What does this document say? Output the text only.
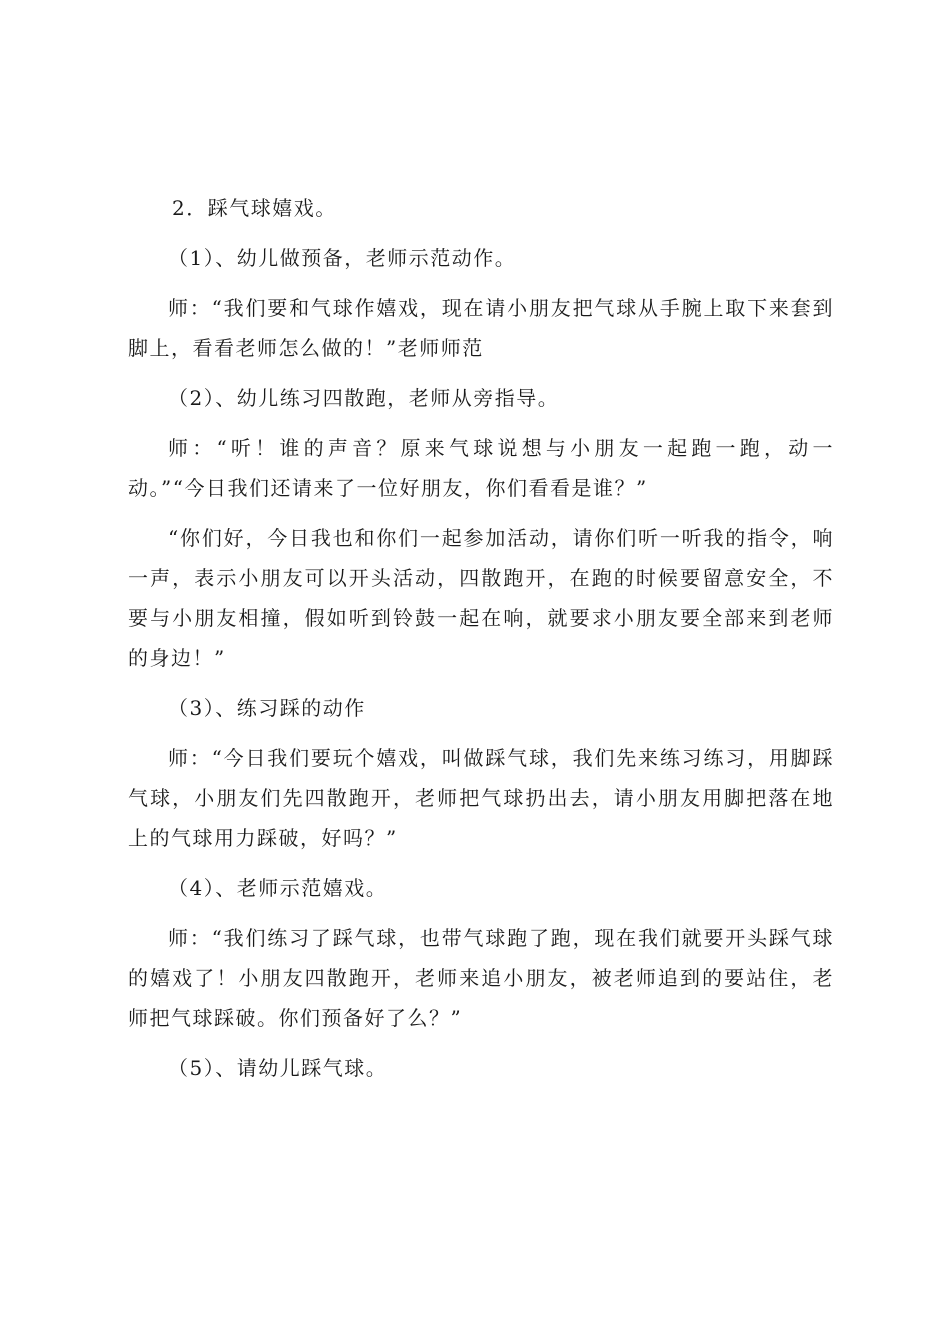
2．踩气球嬉戏。

（1）、幼儿做预备，老师示范动作。

师：“我们要和气球作嬉戏，现在请小朋友把气球从手腕上取下来套到脚上，看看老师怎么做的！”老师师范

（2）、幼儿练习四散跑，老师从旁指导。

师：“听！谁的声音？原来气球说想与小朋友一起跑一跑，动一动。”“今日我们还请来了一位好朋友，你们看看是谁？”

“你们好，今日我也和你们一起参加活动，请你们听一听我的指令，响一声，表示小朋友可以开头活动，四散跑开，在跑的时候要留意安全，不要与小朋友相撞，假如听到铃鼓一起在响，就要求小朋友要全部来到老师的身边！”

（3）、练习踩的动作

师：“今日我们要玩个嬉戏，叫做踩气球，我们先来练习练习，用脚踩气球，小朋友们先四散跑开，老师把气球扔出去，请小朋友用脚把落在地上的气球用力踩破，好吗？”

（4）、老师示范嬉戏。

师：“我们练习了踩气球，也带气球跑了跑，现在我们就要开头踩气球的嬉戏了！小朋友四散跑开，老师来追小朋友，被老师追到的要站住，老师把气球踩破。你们预备好了么？”

（5）、请幼儿踩气球。
